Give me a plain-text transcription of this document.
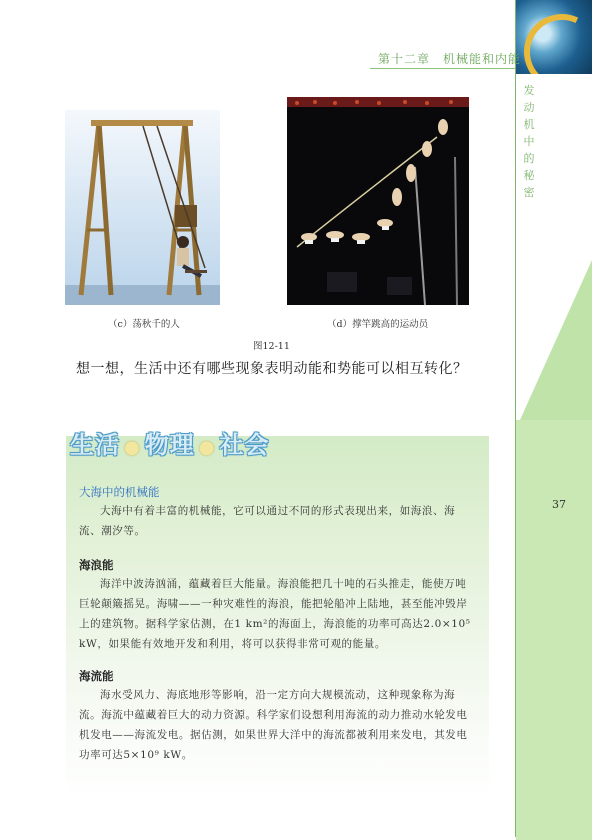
发动机中的秘密
37
第十二章　机械能和内能
（c）荡秋千的人	（d）撑竿跳高的运动员
图12-11
想一想，生活中还有哪些现象表明动能和势能可以相互转化？
生活 ● 物理 ● 社会
大海中的机械能
大海中有着丰富的机械能，它可以通过不同的形式表现出来，如海浪、海流、潮汐等。
海浪能
海洋中波涛汹涌，蕴藏着巨大能量。海浪能把几十吨的石头推走，能使万吨巨轮颠簸摇晃。海啸——一种灾难性的海浪，能把轮船冲上陆地，甚至能冲毁岸上的建筑物。据科学家估测，在1 km²的海面上，海浪能的功率可高达2.0×10⁵ kW，如果能有效地开发和利用，将可以获得非常可观的能量。
海流能
海水受风力、海底地形等影响，沿一定方向大规模流动，这种现象称为海流。海流中蕴藏着巨大的动力资源。科学家们设想利用海流的动力推动水轮发电机发电——海流发电。据估测，如果世界大洋中的海流都被利用来发电，其发电功率可达5×10⁹ kW。
